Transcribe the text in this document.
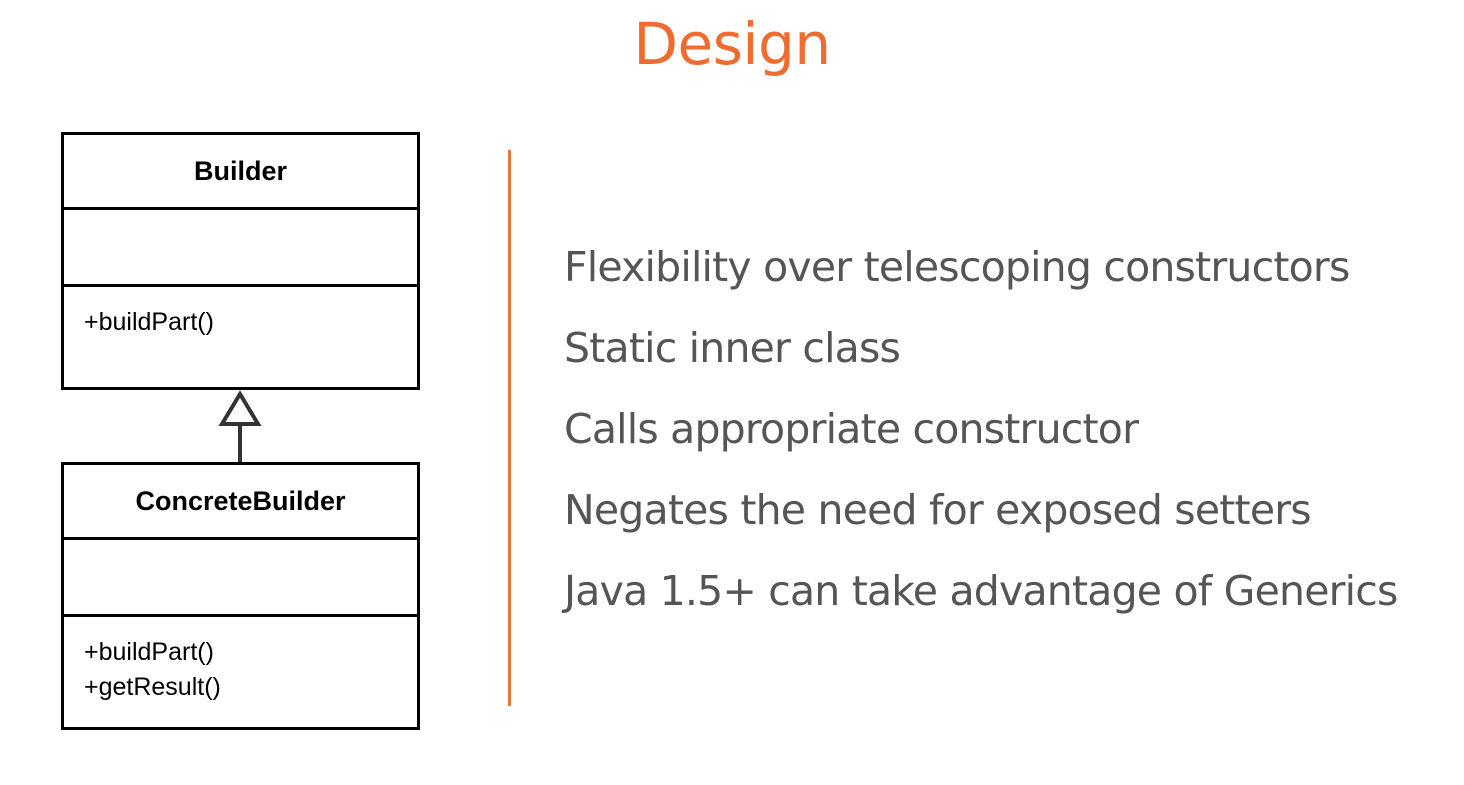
Design
Builder
+buildPart()
ConcreteBuilder
+buildPart()
+getResult()
Flexibility over telescoping constructors
Static inner class
Calls appropriate constructor
Negates the need for exposed setters
Java 1.5+ can take advantage of Generics
